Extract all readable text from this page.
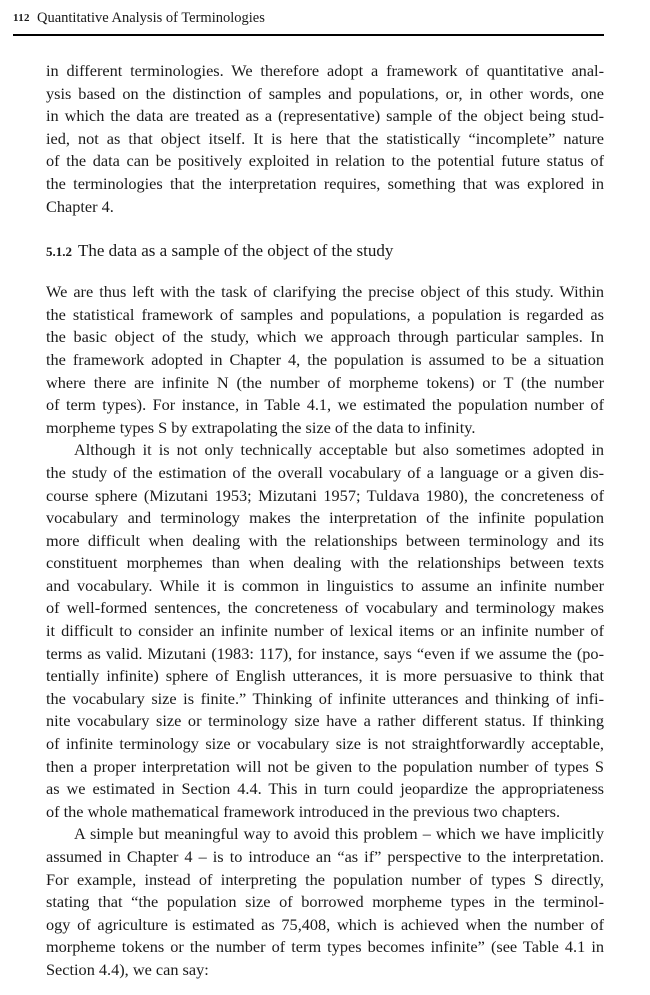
112 Quantitative Analysis of Terminologies

in different terminologies. We therefore adopt a framework of quantitative anal-
ysis based on the distinction of samples and populations, or, in other words, one
in which the data are treated as a (representative) sample of the object being stud-
ied, not as that object itself. It is here that the statistically “incomplete” nature
of the data can be positively exploited in relation to the potential future status of
the terminologies that the interpretation requires, something that was explored in
Chapter 4.

5.1.2 The data as a sample of the object of the study

We are thus left with the task of clarifying the precise object of this study. Within
the statistical framework of samples and populations, a population is regarded as
the basic object of the study, which we approach through particular samples. In
the framework adopted in Chapter 4, the population is assumed to be a situation
where there are infinite N (the number of morpheme tokens) or T (the number
of term types). For instance, in Table 4.1, we estimated the population number of
morpheme types S by extrapolating the size of the data to infinity.

Although it is not only technically acceptable but also sometimes adopted in
the study of the estimation of the overall vocabulary of a language or a given dis-
course sphere (Mizutani 1953; Mizutani 1957; Tuldava 1980), the concreteness of
vocabulary and terminology makes the interpretation of the infinite population
more difficult when dealing with the relationships between terminology and its
constituent morphemes than when dealing with the relationships between texts
and vocabulary. While it is common in linguistics to assume an infinite number
of well-formed sentences, the concreteness of vocabulary and terminology makes
it difficult to consider an infinite number of lexical items or an infinite number of
terms as valid. Mizutani (1983: 117), for instance, says “even if we assume the (po-
tentially infinite) sphere of English utterances, it is more persuasive to think that
the vocabulary size is finite.” Thinking of infinite utterances and thinking of infi-
nite vocabulary size or terminology size have a rather different status. If thinking
of infinite terminology size or vocabulary size is not straightforwardly acceptable,
then a proper interpretation will not be given to the population number of types S
as we estimated in Section 4.4. This in turn could jeopardize the appropriateness
of the whole mathematical framework introduced in the previous two chapters.

A simple but meaningful way to avoid this problem – which we have implicitly
assumed in Chapter 4 – is to introduce an “as if” perspective to the interpretation.
For example, instead of interpreting the population number of types S directly,
stating that “the population size of borrowed morpheme types in the terminol-
ogy of agriculture is estimated as 75,408, which is achieved when the number of
morpheme tokens or the number of term types becomes infinite” (see Table 4.1 in
Section 4.4), we can say:
